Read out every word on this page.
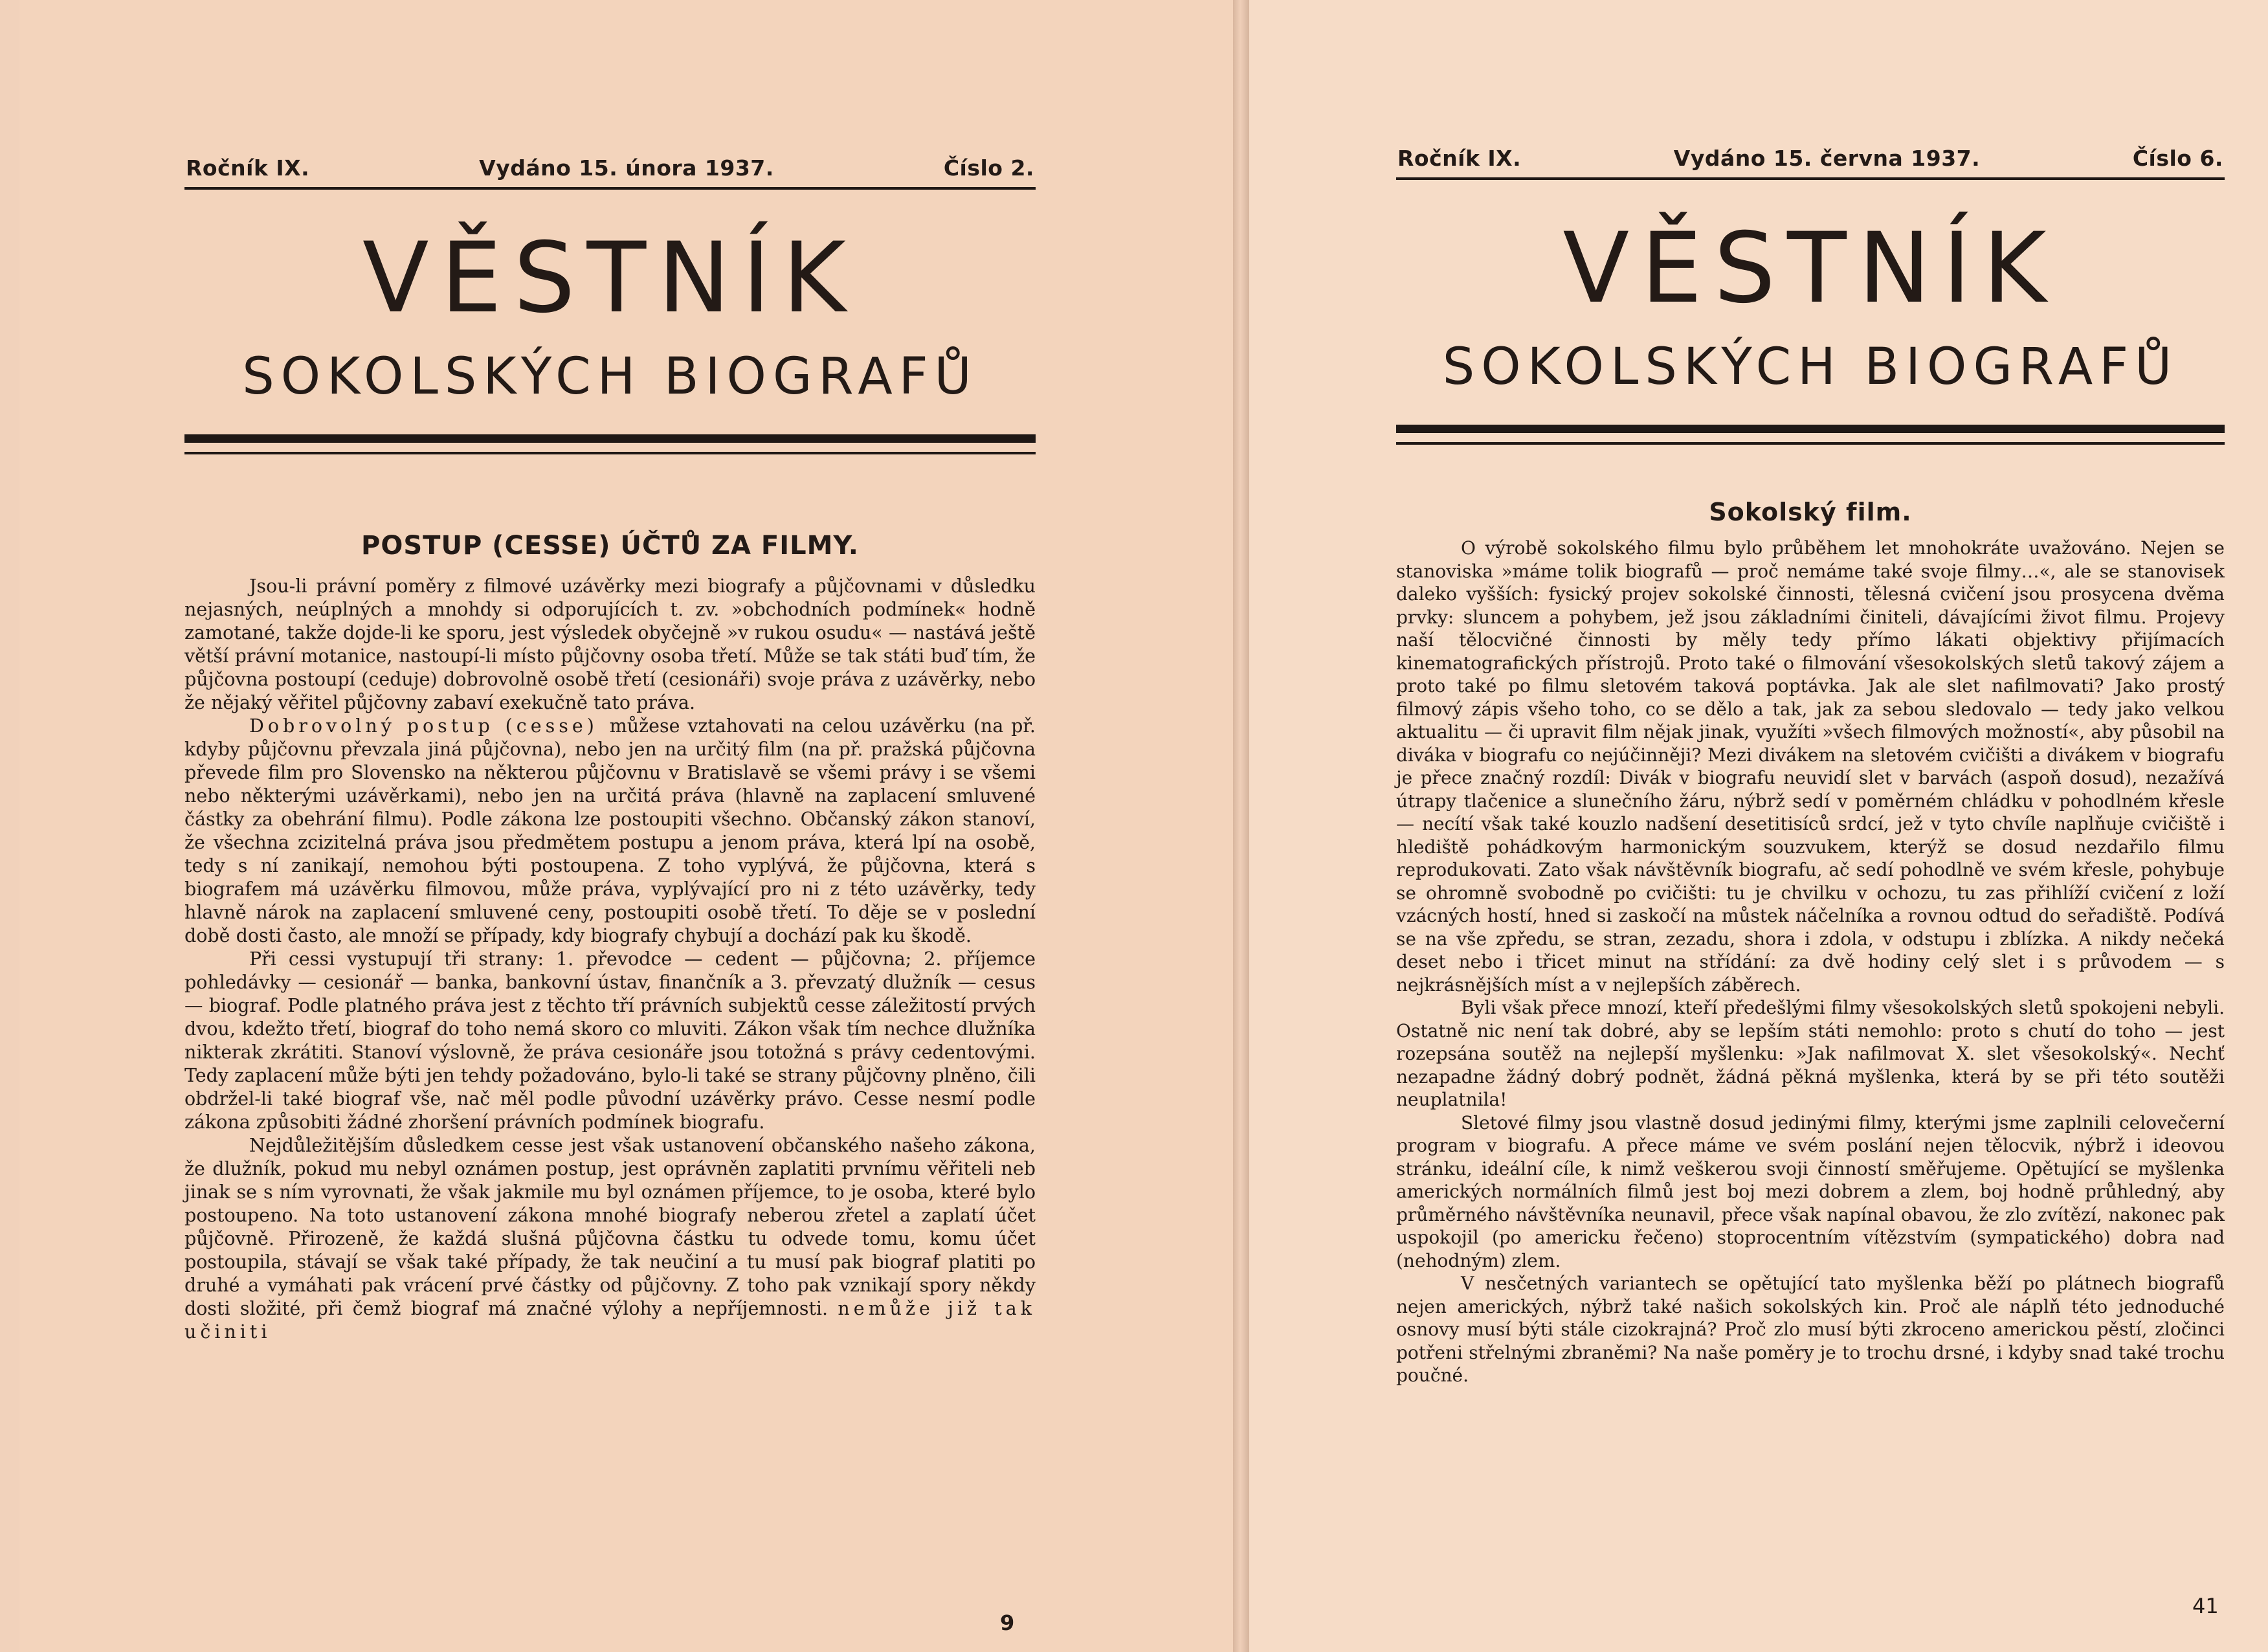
Ročník IX.	Vydáno 15. února 1937.	Číslo 2.
VĚSTNÍK
SOKOLSKÝCH BIOGRAFŮ
POSTUP (CESSE) ÚČTŮ ZA FILMY.

Jsou-li právní poměry z filmové uzávěrky mezi biografy a půjčovnami v důsledku nejasných, neúplných a mnohdy si odporujících t. zv. »obchodních podmínek« hodně zamotané, takže dojde-li ke sporu, jest výsledek obyčejně »v rukou osudu« — nastává ještě větší právní motanice, nastoupí-li místo půjčovny osoba třetí. Může se tak státi buď tím, že půjčovna postoupí (ceduje) dobrovolně osobě třetí (cesionáři) svoje práva z uzávěrky, nebo že nějaký věřitel půjčovny zabaví exekučně tato práva.

Dobrovolný postup (cesse) můžese vztahovati na celou uzávěrku (na př. kdyby půjčovnu převzala jiná půjčovna), nebo jen na určitý film (na př. pražská půjčovna převede film pro Slovensko na některou půjčovnu v Bratislavě se všemi právy i se všemi nebo některými uzávěrkami), nebo jen na určitá práva (hlavně na zaplacení smluvené částky za obehrání filmu). Podle zákona lze postoupiti všechno. Občanský zákon stanoví, že všechna zcizitelná práva jsou předmětem postupu a jenom práva, která lpí na osobě, tedy s ní zanikají, nemohou býti postoupena. Z toho vyplývá, že půjčovna, která s biografem má uzávěrku filmovou, může práva, vyplývající pro ni z této uzávěrky, tedy hlavně nárok na zaplacení smluvené ceny, postoupiti osobě třetí. To děje se v poslední době dosti často, ale množí se případy, kdy biografy chybují a dochází pak ku škodě.

Při cessi vystupují tři strany: 1. převodce — cedent — půjčovna; 2. příjemce pohledávky — cesionář — banka, bankovní ústav, finančník a 3. převzatý dlužník — cesus — biograf. Podle platného práva jest z těchto tří právních subjektů cesse záležitostí prvých dvou, kdežto třetí, biograf do toho nemá skoro co mluviti. Zákon však tím nechce dlužníka nikterak zkrátiti. Stanoví výslovně, že práva cesionáře jsou totožná s právy cedentovými. Tedy zaplacení může býti jen tehdy požadováno, bylo-li také se strany půjčovny plněno, čili obdržel-li také biograf vše, nač měl podle původní uzávěrky právo. Cesse nesmí podle zákona způsobiti žádné zhoršení právních podmínek biografu.

Nejdůležitějším důsledkem cesse jest však ustanovení občanského našeho zákona, že dlužník, pokud mu nebyl oznámen postup, jest oprávněn zaplatiti prvnímu věřiteli neb jinak se s ním vyrovnati, že však jakmile mu byl oznámen příjemce, to je osoba, které bylo postoupeno. Na toto ustanovení zákona mnohé biografy neberou zřetel a zaplatí účet půjčovně. Přirozeně, že každá slušná půjčovna částku tu odvede tomu, komu účet postoupila, stávají se však také případy, že tak neučiní a tu musí pak biograf platiti po druhé a vymáhati pak vrácení prvé částky od půjčovny. Z toho pak vznikají spory někdy dosti složité, při čemž biograf má značné výlohy a nepříjemnosti. nemůže již tak učiniti

9
Ročník IX.	Vydáno 15. června 1937.	Číslo 6.
VĚSTNÍK
SOKOLSKÝCH BIOGRAFŮ
Sokolský film.

O výrobě sokolského filmu bylo průběhem let mnohokráte uvažováno. Nejen se stanoviska »máme tolik biografů — proč nemáme také svoje filmy…«, ale se stanovisek daleko vyšších: fysický projev sokolské činnosti, tělesná cvičení jsou prosycena dvěma prvky: sluncem a pohybem, jež jsou základními činiteli, dávajícími život filmu. Projevy naší tělocvičné činnosti by měly tedy přímo lákati objektivy přijímacích kinematografických přístrojů. Proto také o filmování všesokolských sletů takový zájem a proto také po filmu sletovém taková poptávka. Jak ale slet nafilmovati? Jako prostý filmový zápis všeho toho, co se dělo a tak, jak za sebou sledovalo — tedy jako velkou aktualitu — či upravit film nějak jinak, využíti »všech filmových možností«, aby působil na diváka v biografu co nejúčinněji? Mezi divákem na sletovém cvičišti a divákem v biografu je přece značný rozdíl: Divák v biografu neuvidí slet v barvách (aspoň dosud), nezažívá útrapy tlačenice a slunečního žáru, nýbrž sedí v poměrném chládku v pohodlném křesle — necítí však také kouzlo nadšení desetitisíců srdcí, jež v tyto chvíle naplňuje cvičiště i hlediště pohádkovým harmonickým souzvukem, kterýž se dosud nezdařilo filmu reprodukovati. Zato však návštěvník biografu, ač sedí pohodlně ve svém křesle, pohybuje se ohromně svobodně po cvičišti: tu je chvilku v ochozu, tu zas přihlíží cvičení z loží vzácných hostí, hned si zaskočí na můstek náčelníka a rovnou odtud do seřadiště. Podívá se na vše zpředu, se stran, zezadu, shora i zdola, v odstupu i zblízka. A nikdy nečeká deset nebo i třicet minut na střídání: za dvě hodiny celý slet i s průvodem — s nejkrásnějších míst a v nejlepších záběrech.

Byli však přece mnozí, kteří předešlými filmy všesokolských sletů spokojeni nebyli. Ostatně nic není tak dobré, aby se lepším státi nemohlo: proto s chutí do toho — jest rozepsána soutěž na nejlepší myšlenku: »Jak nafilmovat X. slet všesokolský«. Nechť nezapadne žádný dobrý podnět, žádná pěkná myšlenka, která by se při této soutěži neuplatnila!

Sletové filmy jsou vlastně dosud jedinými filmy, kterými jsme zaplnili celovečerní program v biografu. A přece máme ve svém poslání nejen tělocvik, nýbrž i ideovou stránku, ideální cíle, k nimž veškerou svoji činností směřujeme. Opětující se myšlenka amerických normálních filmů jest boj mezi dobrem a zlem, boj hodně průhledný, aby průměrného návštěvníka neunavil, přece však napínal obavou, že zlo zvítězí, nakonec pak uspokojil (po americku řečeno) stoprocentním vítězstvím (sympatického) dobra nad (nehodným) zlem.

V nesčetných variantech se opětující tato myšlenka běží po plátnech biografů nejen amerických, nýbrž také našich sokolských kin. Proč ale náplň této jednoduché osnovy musí býti stále cizokrajná? Proč zlo musí býti zkroceno americkou pěstí, zločinci potřeni střelnými zbraněmi? Na naše poměry je to trochu drsné, i kdyby snad také trochu poučné.

41
